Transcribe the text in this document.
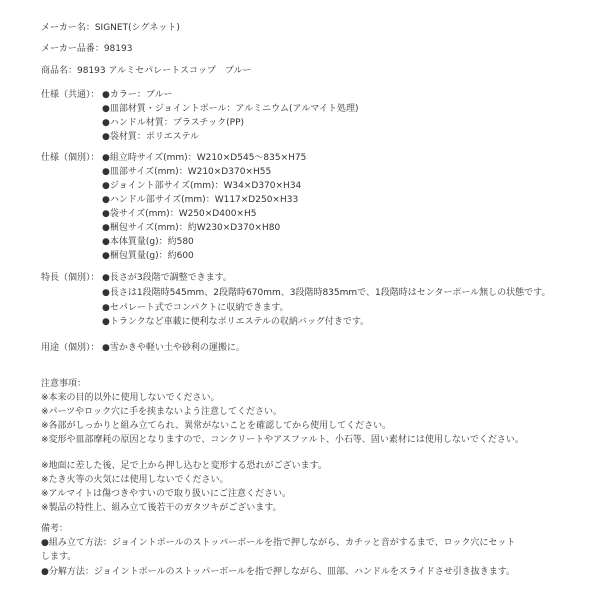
メーカー名：SIGNET(シグネット)
メーカー品番：98193
商品名：98193 アルミセパレートスコップ　ブルー
仕様（共通）： ●カラー：ブルー
●皿部材質・ジョイントポール：アルミニウム(アルマイト処理)
●ハンドル材質：プラスチック(PP)
●袋材質：ポリエステル
仕様（個別）： ●組立時サイズ(mm)：W210×D545～835×H75
●皿部サイズ(mm)：W210×D370×H55
●ジョイント部サイズ(mm)：W34×D370×H34
●ハンドル部サイズ(mm)：W117×D250×H33
●袋サイズ(mm)：W250×D400×H5
●梱包サイズ(mm)：約W230×D370×H80
●本体質量(g)：約580
●梱包質量(g)：約600
特長（個別）： ●長さが3段階で調整できます。
●長さは1段階時545mm、2段階時670mm、3段階時835mmで、1段階時はセンターポール無しの状態です。
●セパレート式でコンパクトに収納できます。
●トランクなど車載に便利なポリエステルの収納バッグ付きです。
用途（個別）： ●雪かきや軽い土や砂利の運搬に。
注意事項：
※本来の目的以外に使用しないでください。
※パーツやロック穴に手を挟まないよう注意してください。
※各部がしっかりと組み立てられ、異常がないことを確認してから使用してください。
※変形や皿部摩耗の原因となりますので、コンクリートやアスファルト、小石等、固い素材には使用しないでください。
※地面に差した後、足で上から押し込むと変形する恐れがございます。
※たき火等の火気には使用しないでください。
※アルマイトは傷つきやすいので取り扱いにご注意ください。
※製品の特性上、組み立て後若干のガタツキがございます。
備考：
●組み立て方法：ジョイントポールのストッパーボールを指で押しながら、カチッと音がするまで、ロック穴にセット
します。
●分解方法：ジョイントポールのストッパーボールを指で押しながら、皿部、ハンドルをスライドさせ引き抜きます。
